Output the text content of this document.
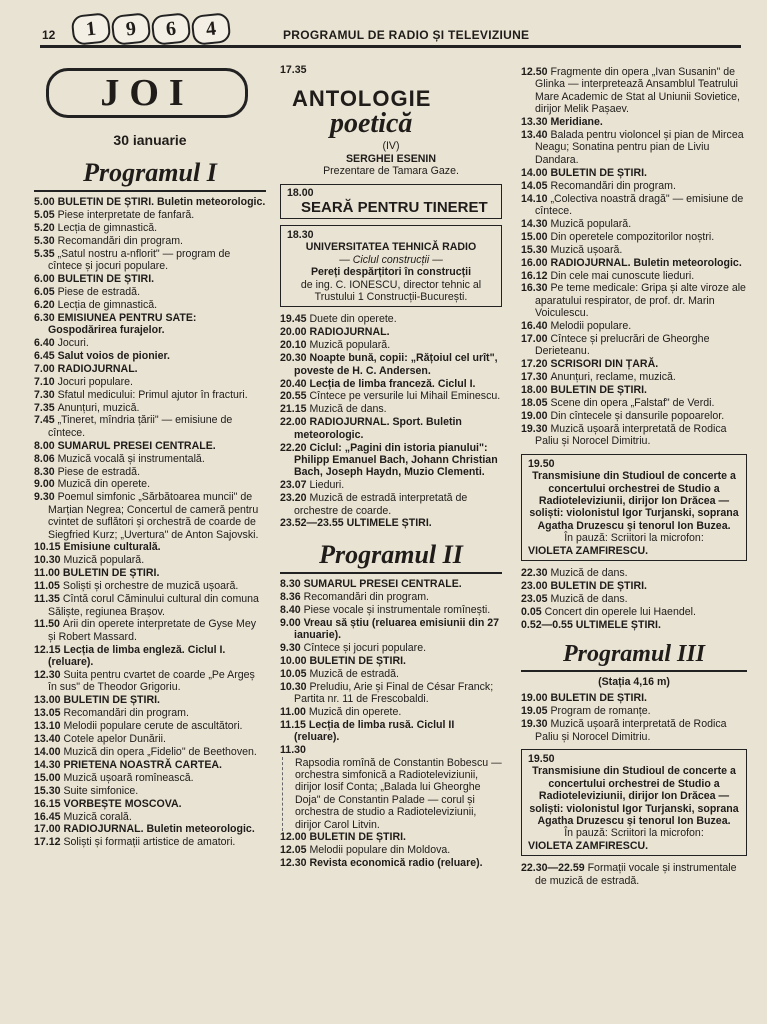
1	9	6	4
12	PROGRAMUL DE RADIO ȘI TELEVIZIUNE
JOI
30 ianuarie
Programul I
5.00 BULETIN DE ȘTIRI. Buletin meteorologic.
5.05 Piese interpretate de fanfară.
5.20 Lecția de gimnastică.
5.30 Recomandări din program.
5.35 „Satul nostru a-nflorit" — program de cîntece și jocuri populare.
6.00 BULETIN DE ȘTIRI.
6.05 Piese de estradă.
6.20 Lecția de gimnastică.
6.30 EMISIUNEA PENTRU SATE: Gospodărirea furajelor.
6.40 Jocuri.
6.45 Salut voios de pionier.
7.00 RADIOJURNAL.
7.10 Jocuri populare.
7.30 Sfatul medicului: Primul ajutor în fracturi.
7.35 Anunțuri, muzică.
7.45 „Tineret, mîndria țării" — emisiune de cîntece.
8.00 SUMARUL PRESEI CENTRALE.
8.06 Muzică vocală și instrumentală.
8.30 Piese de estradă.
9.00 Muzică din operete.
9.30 Poemul simfonic „Sărbătoarea muncii" de Marțian Negrea; Concertul de cameră pentru cvintet de suflători și orchestră de coarde de Siegfried Kurz; „Uvertura" de Anton Sajovski.
10.15 Emisiune culturală.
10.30 Muzică populară.
11.00 BULETIN DE ȘTIRI.
11.05 Soliști și orchestre de muzică ușoară.
11.35 Cîntă corul Căminului cultural din comuna Săliște, regiunea Brașov.
11.50 Arii din operete interpretate de Gyse Mey și Robert Massard.
12.15 Lecția de limba engleză. Ciclul I. (reluare).
12.30 Suita pentru cvartet de coarde „Pe Argeș în sus" de Theodor Grigoriu.
13.00 BULETIN DE ȘTIRI.
13.05 Recomandări din program.
13.10 Melodii populare cerute de ascultători.
13.40 Cotele apelor Dunării.
14.00 Muzică din opera „Fidelio" de Beethoven.
14.30 PRIETENA NOASTRĂ CARTEA.
15.00 Muzică ușoară romînească.
15.30 Suite simfonice.
16.15 VORBEȘTE MOSCOVA.
16.45 Muzică corală.
17.00 RADIOJURNAL. Buletin meteorologic.
17.12 Soliști și formații artistice de amatori.
17.35
ANTOLOGIE
poetică
(IV)
SERGHEI ESENIN
Prezentare de Tamara Gaze.
18.00
SEARĂ PENTRU TINERET
18.30
UNIVERSITATEA TEHNICĂ RADIO
— Ciclul construcții —
Pereți despărțitori în construcții
de ing. C. IONESCU, director tehnic al Trustului 1 Construcții-București.
19.45 Duete din operete.
20.00 RADIOJURNAL.
20.10 Muzică populară.
20.30 Noapte bună, copii: „Rățoiul cel urît", poveste de H. C. Andersen.
20.40 Lecția de limba franceză. Ciclul I.
20.55 Cîntece pe versurile lui Mihail Eminescu.
21.15 Muzică de dans.
22.00 RADIOJURNAL. Sport. Buletin meteorologic.
22.20 Ciclul: „Pagini din istoria pianului": Philipp Emanuel Bach, Johann Christian Bach, Joseph Haydn, Muzio Clementi.
23.07 Lieduri.
23.20 Muzică de estradă interpretată de orchestre de coarde.
23.52—23.55 ULTIMELE ȘTIRI.
Programul II
8.30 SUMARUL PRESEI CENTRALE.
8.36 Recomandări din program.
8.40 Piese vocale și instrumentale romînești.
9.00 Vreau să știu (reluarea emisiunii din 27 ianuarie).
9.30 Cîntece și jocuri populare.
10.00 BULETIN DE ȘTIRI.
10.05 Muzică de estradă.
10.30 Preludiu, Arie și Final de César Franck; Partita nr. 11 de Frescobaldi.
11.00 Muzică din operete.
11.15 Lecția de limba rusă. Ciclul II (reluare).
11.30
Rapsodia romînă de Constantin Bobescu — orchestra simfonică a Radioteleviziunii, dirijor Iosif Conta; „Balada lui Gheorghe Doja" de Constantin Palade — corul și orchestra de studio a Radioteleviziunii, dirijor Carol Litvin.
12.00 BULETIN DE ȘTIRI.
12.05 Melodii populare din Moldova.
12.30 Revista economică radio (reluare).
12.50 Fragmente din opera „Ivan Susanin" de Glinka — interpretează Ansamblul Teatrului Mare Academic de Stat al Uniunii Sovietice, dirijor Melik Pașaev.
13.30 Meridiane.
13.40 Balada pentru violoncel și pian de Mircea Neagu; Sonatina pentru pian de Liviu Dandara.
14.00 BULETIN DE ȘTIRI.
14.05 Recomandări din program.
14.10 „Colectiva noastră dragă" — emisiune de cîntece.
14.30 Muzică populară.
15.00 Din operetele compozitorilor noștri.
15.30 Muzică ușoară.
16.00 RADIOJURNAL. Buletin meteorologic.
16.12 Din cele mai cunoscute lieduri.
16.30 Pe teme medicale: Gripa și alte viroze ale aparatului respirator, de prof. dr. Marin Voiculescu.
16.40 Melodii populare.
17.00 Cîntece și prelucrări de Gheorghe Derieteanu.
17.20 SCRISORI DIN ȚARĂ.
17.30 Anunțuri, reclame, muzică.
18.00 BULETIN DE ȘTIRI.
18.05 Scene din opera „Falstaf" de Verdi.
19.00 Din cîntecele și dansurile popoarelor.
19.30 Muzică ușoară interpretată de Rodica Paliu și Norocel Dimitriu.
19.50
Transmisiune din Studioul de concerte a concertului orchestrei de Studio a Radioteleviziunii, dirijor Ion Drăcea — soliști: violonistul Igor Turjanski, soprana Agatha Druzescu și tenorul Ion Buzea.
În pauză: Scriitori la microfon:
VIOLETA ZAMFIRESCU.
22.30 Muzică de dans.
23.00 BULETIN DE ȘTIRI.
23.05 Muzică de dans.
0.05 Concert din operele lui Haendel.
0.52—0.55 ULTIMELE ȘTIRI.
Programul III
(Stația 4,16 m)
19.00 BULETIN DE ȘTIRI.
19.05 Program de romanțe.
19.30 Muzică ușoară interpretată de Rodica Paliu și Norocel Dimitriu.
19.50
Transmisiune din Studioul de concerte a concertului orchestrei de Studio a Radioteleviziunii, dirijor Ion Drăcea — soliști: violonistul Igor Turjanski, soprana Agatha Druzescu și tenorul Ion Buzea.
În pauză: Scriitori la microfon:
VIOLETA ZAMFIRESCU.
22.30—22.59 Formații vocale și instrumentale de muzică de estradă.
